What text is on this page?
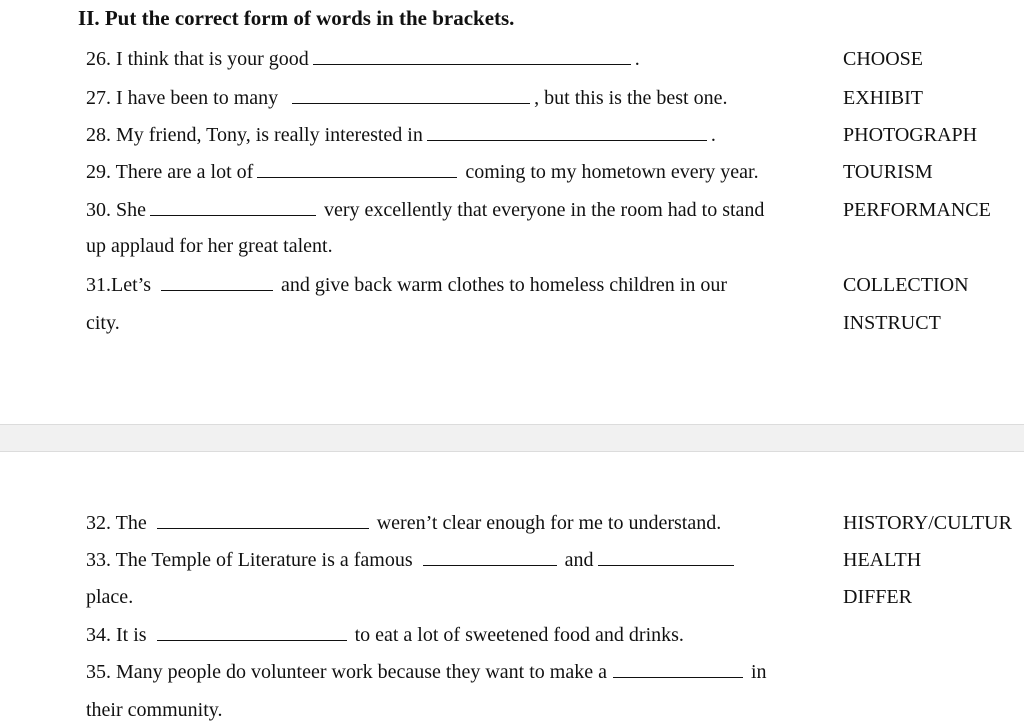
II. Put the correct form of words in the brackets.
26. I think that is your good	.	CHOOSE
27. I have been to many	, but this is the best one.	EXHIBIT
28. My friend, Tony, is really interested in	.	PHOTOGRAPH
29. There are a lot of	coming to my hometown every year.	TOURISM
30. She	very excellently that everyone in the room had to stand	PERFORMANCE
up applaud for her great talent.
31.Let’s	and give back warm clothes to homeless children in our	COLLECTION
city.	INSTRUCT
32. The	weren’t clear enough for me to understand.	HISTORY/CULTUR
33. The Temple of Literature is a famous	and	HEALTH
place.	DIFFER
34. It is	to eat a lot of sweetened food and drinks.
35. Many people do volunteer work because they want to make a	in
their community.
